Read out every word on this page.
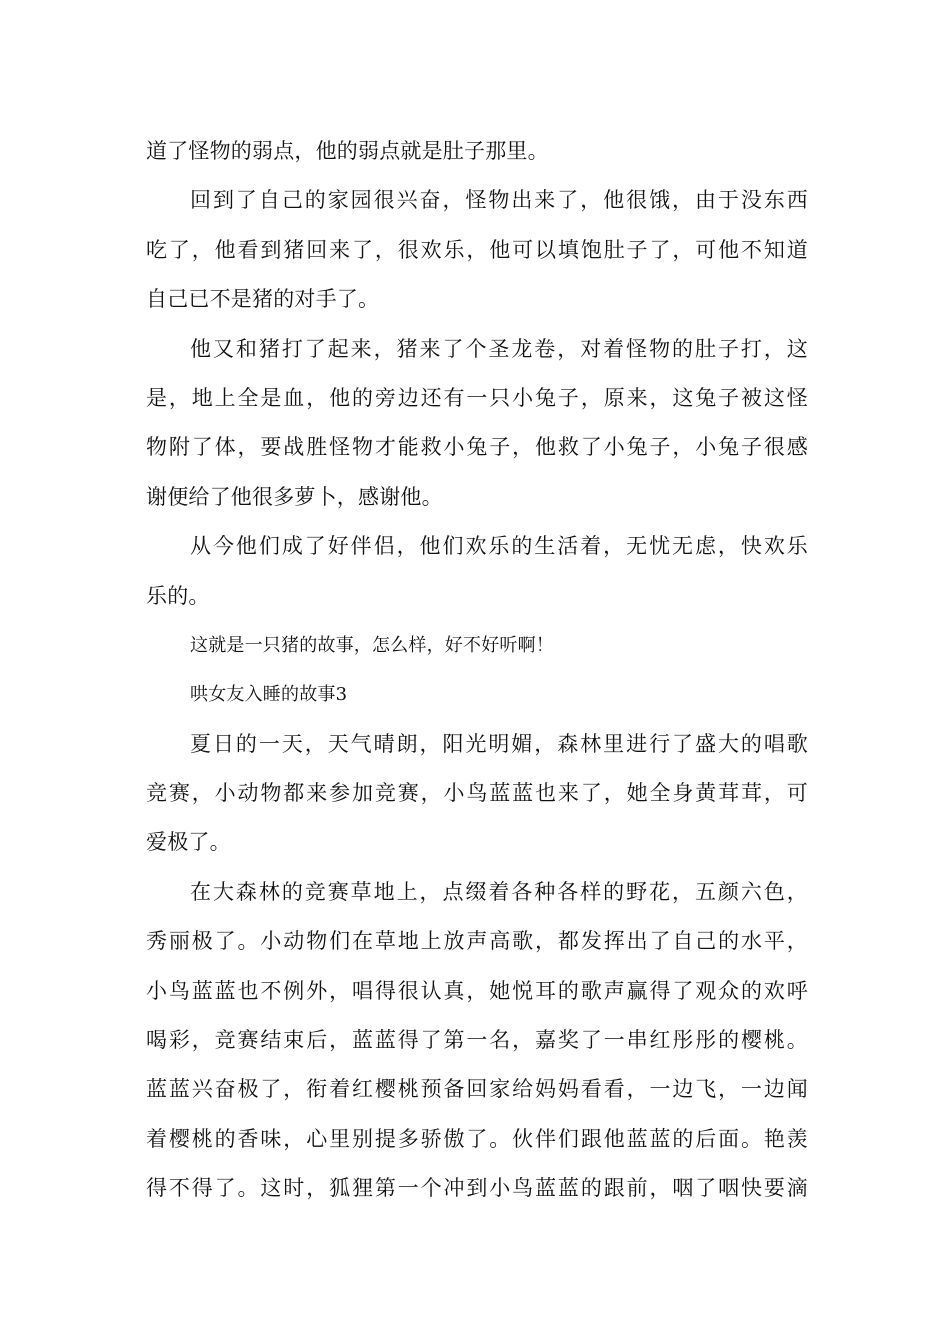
道了怪物的弱点，他的弱点就是肚子那里。
回到了自己的家园很兴奋，怪物出来了，他很饿，由于没东西
吃了，他看到猪回来了，很欢乐，他可以填饱肚子了，可他不知道
自己已不是猪的对手了。
他又和猪打了起来，猪来了个圣龙卷，对着怪物的肚子打，这
是，地上全是血，他的旁边还有一只小兔子，原来，这兔子被这怪
物附了体，要战胜怪物才能救小兔子，他救了小兔子，小兔子很感
谢便给了他很多萝卜，感谢他。
从今他们成了好伴侣，他们欢乐的生活着，无忧无虑，快欢乐
乐的。
这就是一只猪的故事，怎么样，好不好听啊！
哄女友入睡的故事3
夏日的一天，天气晴朗，阳光明媚，森林里进行了盛大的唱歌
竞赛，小动物都来参加竞赛，小鸟蓝蓝也来了，她全身黄茸茸，可
爱极了。
在大森林的竞赛草地上，点缀着各种各样的野花，五颜六色，
秀丽极了。小动物们在草地上放声高歌，都发挥出了自己的水平，
小鸟蓝蓝也不例外，唱得很认真，她悦耳的歌声赢得了观众的欢呼
喝彩，竞赛结束后，蓝蓝得了第一名，嘉奖了一串红彤彤的樱桃。
蓝蓝兴奋极了，衔着红樱桃预备回家给妈妈看看，一边飞，一边闻
着樱桃的香味，心里别提多骄傲了。伙伴们跟他蓝蓝的后面。艳羡
得不得了。这时，狐狸第一个冲到小鸟蓝蓝的跟前，咽了咽快要滴
